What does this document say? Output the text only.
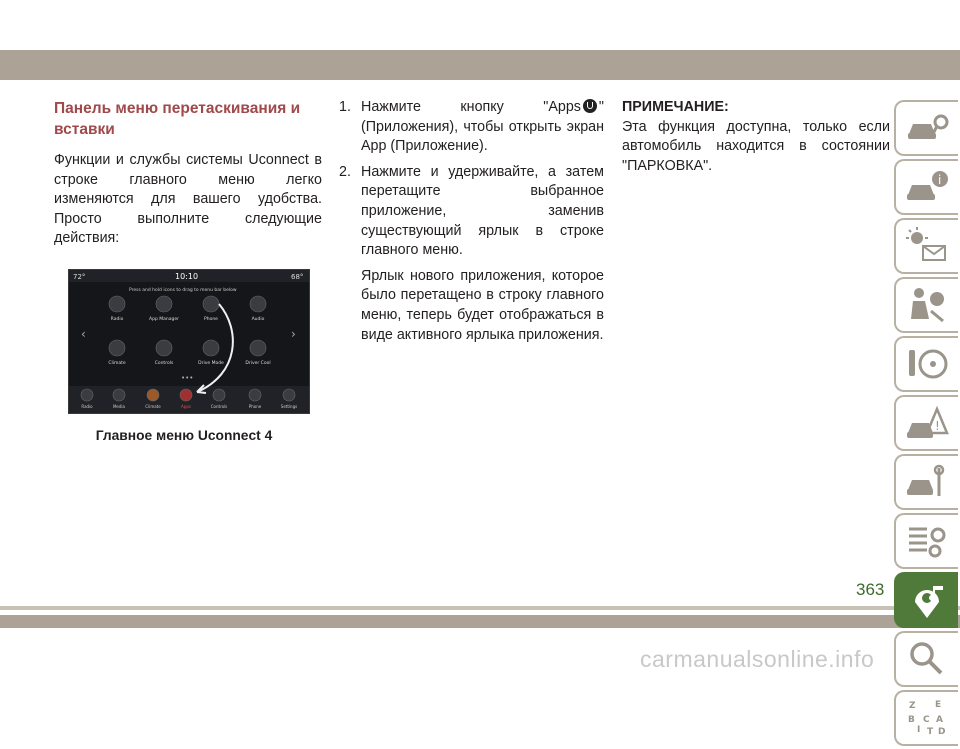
Панель меню перетаскивания и вставки

Функции и службы системы Uconnect в строке главного меню легко изменяются для вашего удобства. Просто выполните следующие действия:

72°	10:10	68°
Press and hold icons to drag to menu bar below
‹	›
Radio	App Manager	Phone	Audio
Climate	Controls	Drive Mode	Driver Cool
•••
Radio	Media	Climate	Apps	Controls	Phone	Settings
Главное меню Uconnect 4
1. Нажмите кнопку "Apps " (Приложения), чтобы открыть экран App (Приложение).
2. Нажмите и удерживайте, а затем перетащите выбранное приложение, заменив существующий ярлык в строке главного меню.
Ярлык нового приложения, которое было перетащено в строку главного меню, теперь будет отображаться в виде активного ярлыка приложения.

ПРИМЕЧАНИЕ:

Эта функция доступна, только если автомобиль находится в состоянии "ПАРКОВКА".

i
!
Z E
B A
I
C
T D
363
carmanualsonline.info
